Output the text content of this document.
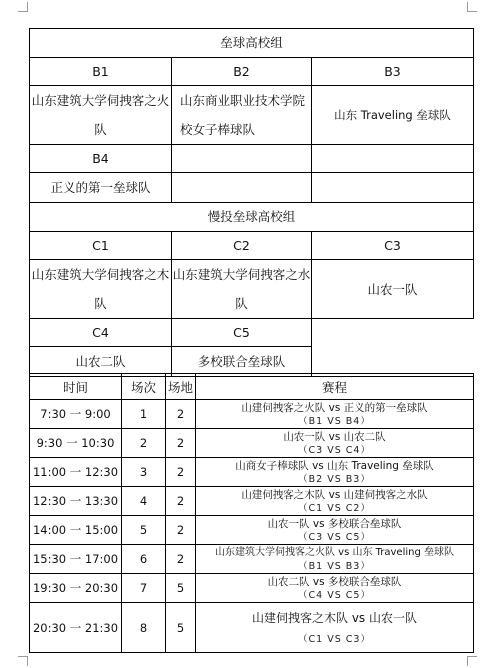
垒球高校组		
B1	B2	B3
山东建筑大学伺拽客之火队	山东商业职业技术学院校女子棒球队	山东 Traveling 垒球队
B4		
正义的第一垒球队		
慢投垒球高校组		
C1	C2	C3
山东建筑大学伺拽客之木队	山东建筑大学伺拽客之水队	山农一队
C4	C5	
山农二队	多校联合垒球队	
时间	场次	场地	赛程
7:30 一 9:00	1	2	山建伺拽客之火队 vs 正义的第一垒球队
（B1 VS B4）

9:30 一 10:30	2	2	山农一队 vs 山农二队
（C3 VS C4）

11:00 一 12:30	3	2	山商女子棒球队 vs 山东 Traveling 垒球队
（B2 VS B3）

12:30 一 13:30	4	2	山建伺拽客之木队 vs 山建伺拽客之水队
（C1 VS C2）

14:00 一 15:00	5	2	山农一队 vs 多校联合垒球队
（C3 VS C5）

15:30 一 17:00	6	2	山东建筑大学伺拽客之火队 vs 山东 Traveling 垒球队
（B1 VS B3）

19:30 一 20:30	7	5	山农二队 vs 多校联合垒球队
（C4 VS C5）

20:30 一 21:30	8	5	山建伺拽客之木队 vs 山农一队
（C1 VS C3）
